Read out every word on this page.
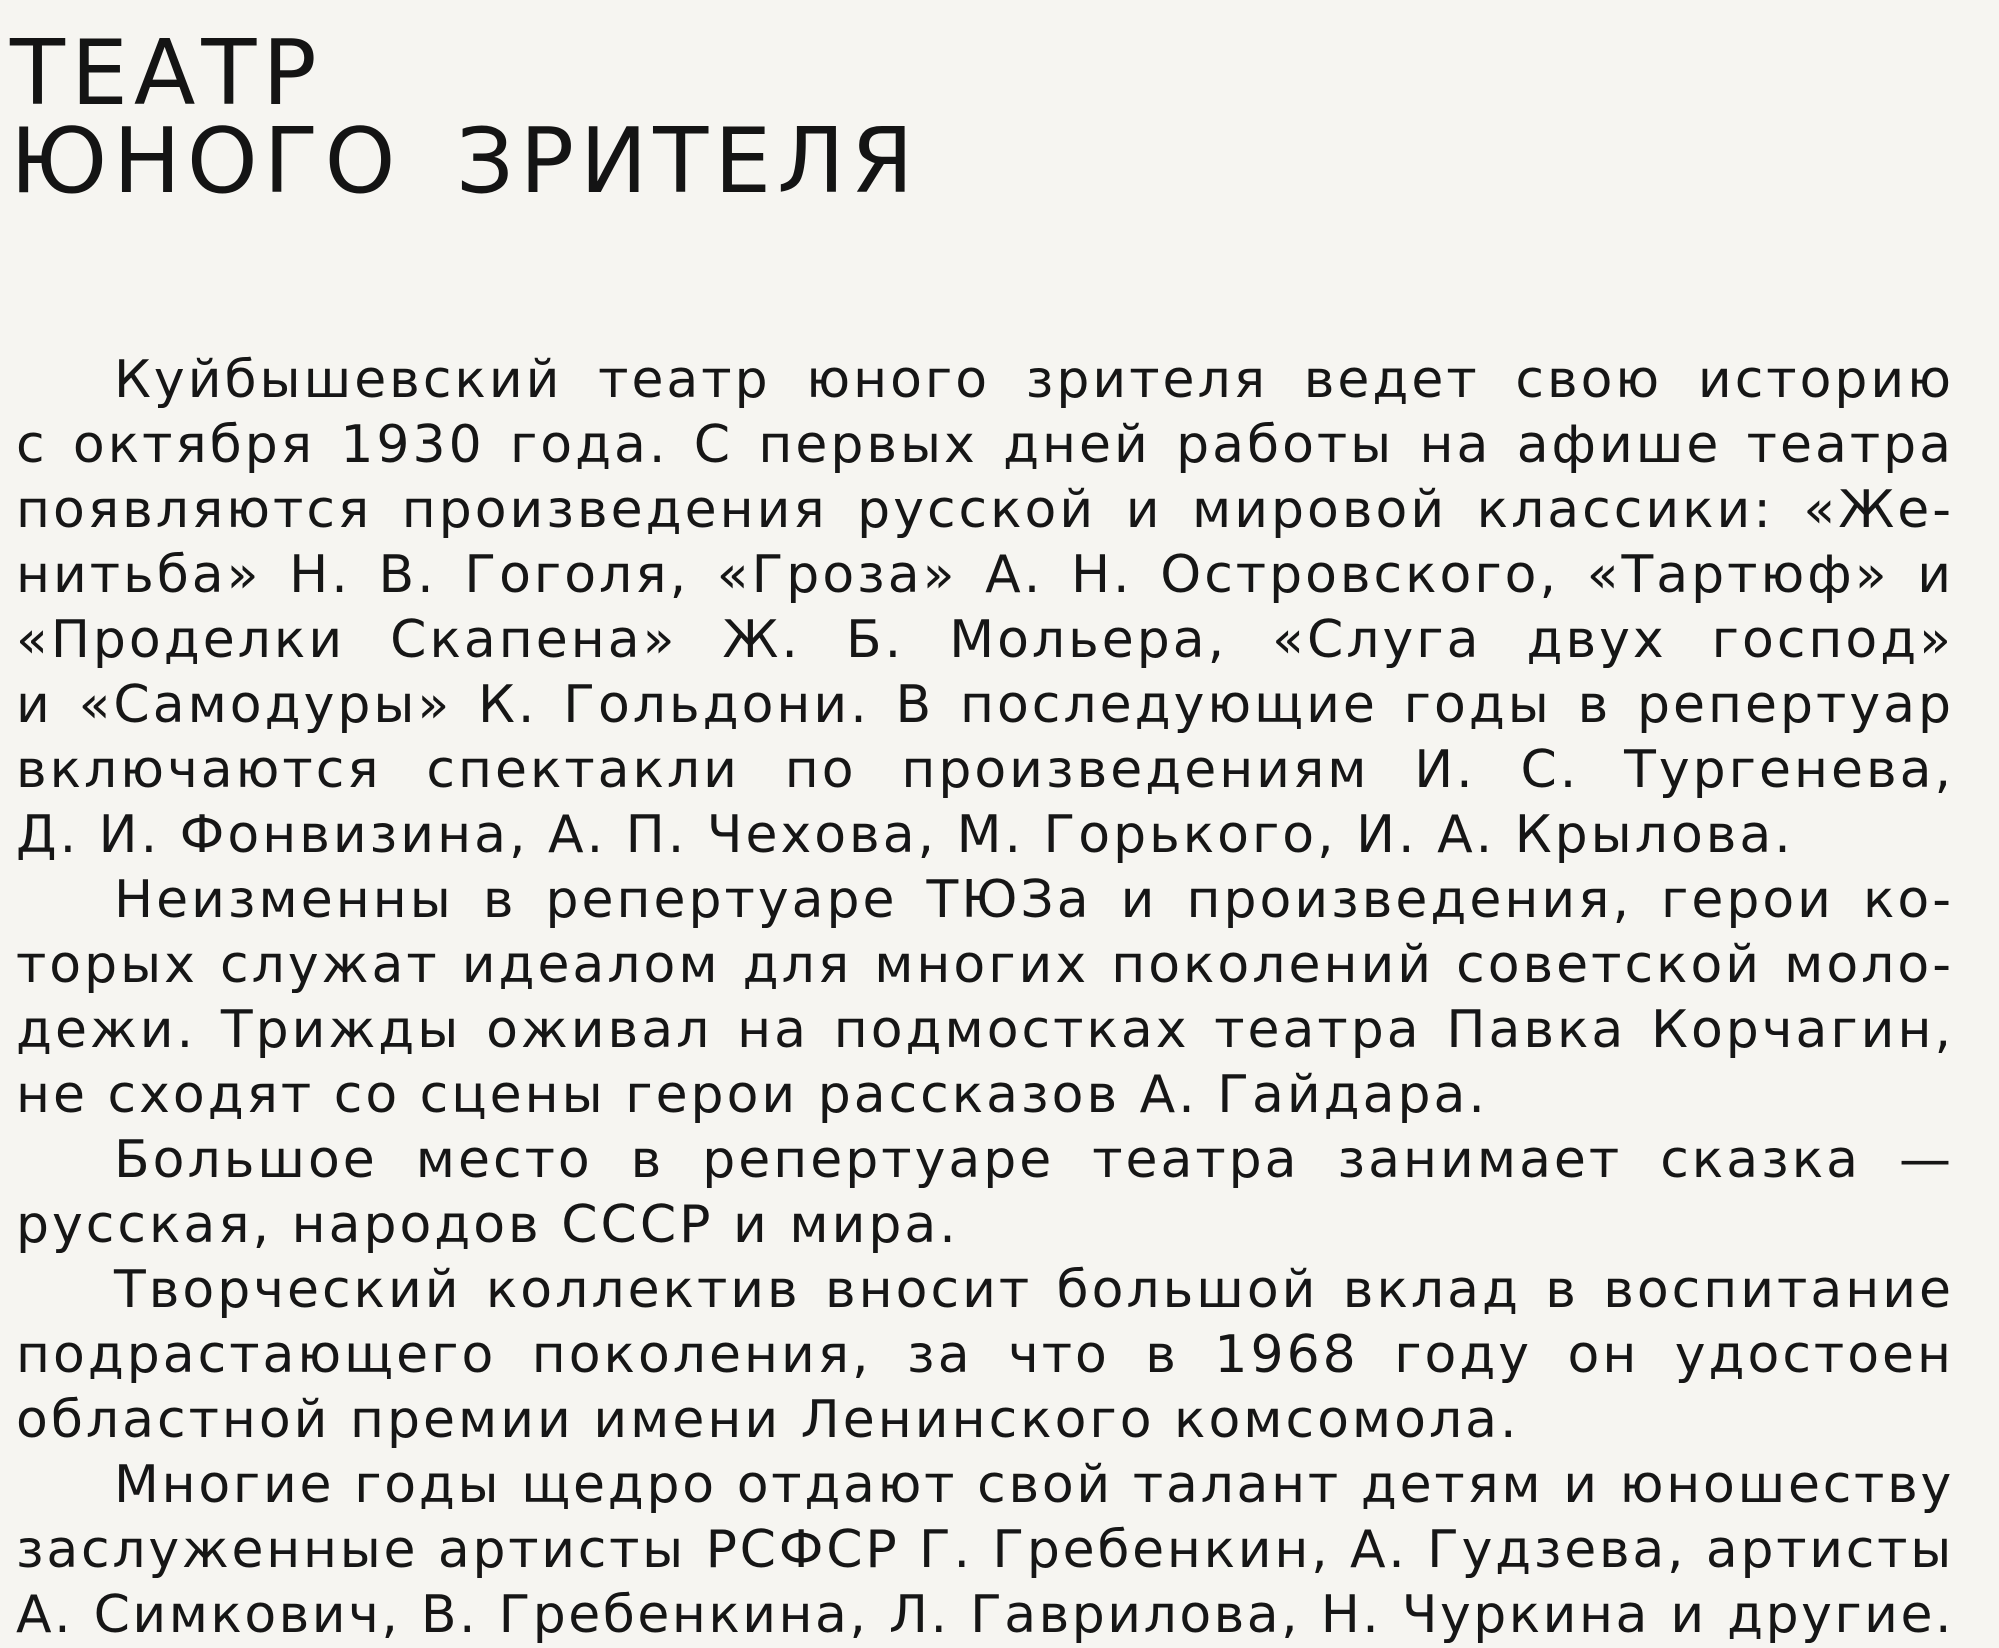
ТЕАТР
ЮНОГО ЗРИТЕЛЯ

Куйбышевский театр юного зрителя ведет свою историю
с октября 1930 года. С первых дней работы на афише театра
появляются произведения русской и мировой классики: «Же-
нитьба» Н. В. Гоголя, «Гроза» А. Н. Островского, «Тартюф» и
«Проделки Скапена» Ж. Б. Мольера, «Слуга двух господ»
и «Самодуры» К. Гольдони. В последующие годы в репертуар
включаются спектакли по произведениям И. С. Тургенева,
Д. И. Фонвизина, А. П. Чехова, М. Горького, И. А. Крылова.

Неизменны в репертуаре ТЮЗа и произведения, герои ко-
торых служат идеалом для многих поколений советской моло-
дежи. Трижды оживал на подмостках театра Павка Корчагин,
не сходят со сцены герои рассказов А. Гайдара.

Большое место в репертуаре театра занимает сказка —
русская, народов СССР и мира.

Творческий коллектив вносит большой вклад в воспитание
подрастающего поколения, за что в 1968 году он удостоен
областной премии имени Ленинского комсомола.

Многие годы щедро отдают свой талант детям и юношеству
заслуженные артисты РСФСР Г. Гребенкин, А. Гудзева, артисты
А. Симкович, В. Гребенкина, Л. Гаврилова, Н. Чуркина и другие.
